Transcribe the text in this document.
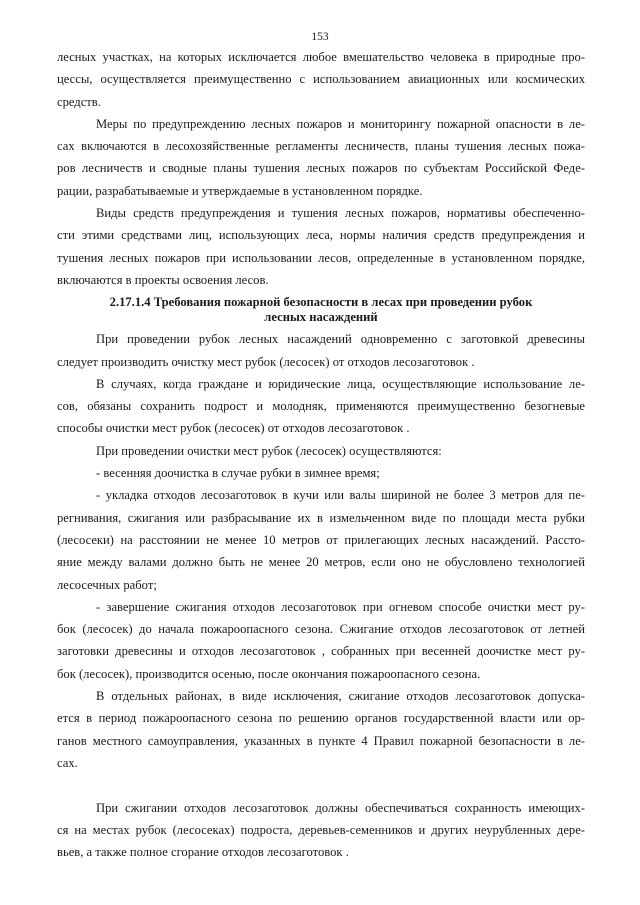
153
лесных участках, на которых исключается любое вмешательство человека в природные про-
цессы, осуществляется преимущественно с использованием авиационных или космических
средств.
Меры по предупреждению лесных пожаров и мониторингу пожарной опасности в ле-
сах включаются в лесохозяйственные регламенты лесничеств, планы тушения лесных пожа-
ров лесничеств и сводные планы тушения лесных пожаров по субъектам Российской Феде-
рации, разрабатываемые и утверждаемые в установленном порядке.
Виды средств предупреждения и тушения лесных пожаров, нормативы обеспеченно-
сти этими средствами лиц, использующих леса, нормы наличия средств предупреждения и
тушения лесных пожаров при использовании лесов, определенные в установленном порядке,
включаются в проекты освоения лесов.
2.17.1.4 Требования пожарной безопасности в лесах при проведении рубок
лесных насаждений
При проведении рубок лесных насаждений одновременно с заготовкой древесины
следует производить очистку мест рубок (лесосек) от отходов лесозаготовок .
В случаях, когда граждане и юридические лица, осуществляющие использование ле-
сов, обязаны сохранить подрост и молодняк, применяются преимущественно безогневые
способы очистки мест рубок (лесосек) от отходов лесозаготовок .
При проведении очистки мест рубок (лесосек) осуществляются:
- весенняя доочистка в случае рубки в зимнее время;
- укладка отходов лесозаготовок в кучи или валы шириной не более 3 метров для пе-
регнивания, сжигания или разбрасывание их в измельченном виде по площади места рубки
(лесосеки) на расстоянии не менее 10 метров от прилегающих лесных насаждений. Рассто-
яние между валами должно быть не менее 20 метров, если оно не обусловлено технологией
лесосечных работ;
- завершение сжигания отходов лесозаготовок при огневом способе очистки мест ру-
бок (лесосек) до начала пожароопасного сезона. Сжигание отходов лесозаготовок от летней
заготовки древесины и отходов лесозаготовок , собранных при весенней доочистке мест ру-
бок (лесосек), производится осенью, после окончания пожароопасного сезона.
В отдельных районах, в виде исключения, сжигание отходов лесозаготовок допуска-
ется в период пожароопасного сезона по решению органов государственной власти или ор-
ганов местного самоуправления, указанных в пункте 4 Правил пожарной безопасности в ле-
сах.
При сжигании отходов лесозаготовок должны обеспечиваться сохранность имеющих-
ся на местах рубок (лесосеках) подроста, деревьев-семенников и других неурубленных дере-
вьев, а также полное сгорание отходов лесозаготовок .
